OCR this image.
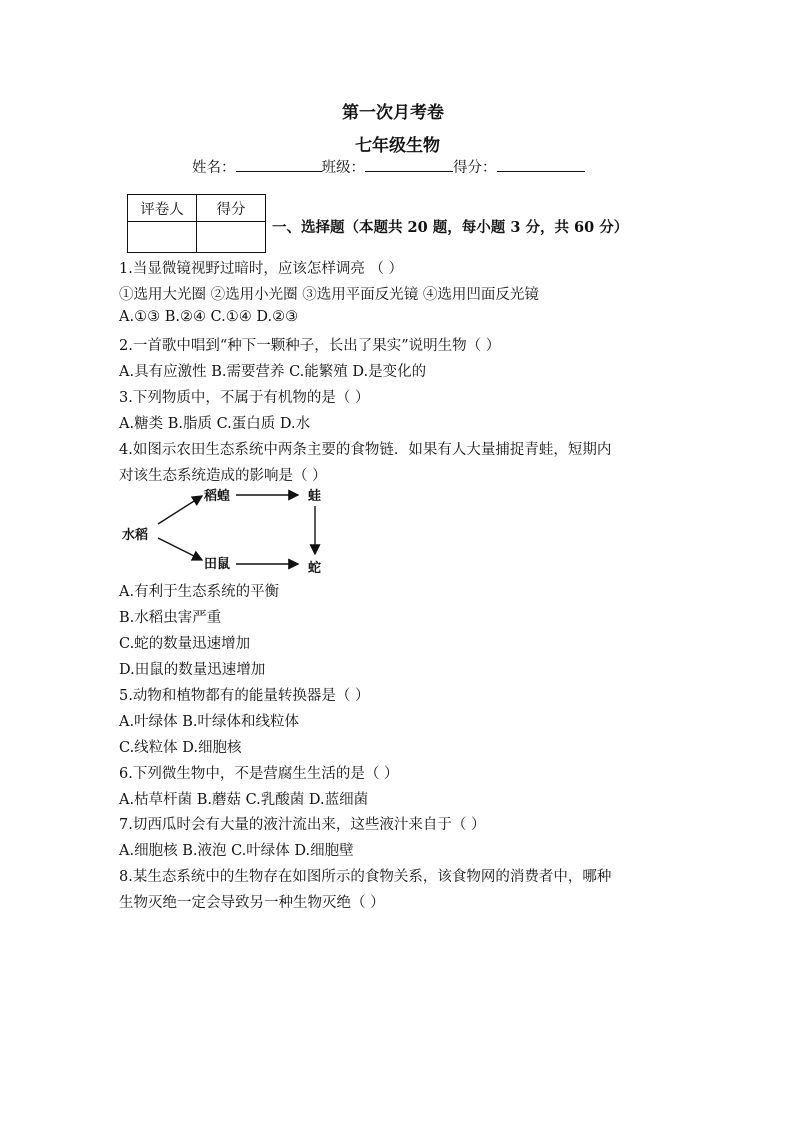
第一次月考卷
七年级生物
姓名：	班级：	得分：
评卷人	得分

一、选择题（本题共 20 题，每小题 3 分，共 60 分）
1.当显微镜视野过暗时，应该怎样调亮 （ ）
①选用大光圈 ②选用小光圈 ③选用平面反光镜 ④选用凹面反光镜
A.①③ B.②④ C.①④ D.②③
2.一首歌中唱到“种下一颗种子，长出了果实”说明生物（ ）
A.具有应激性 B.需要营养 C.能繁殖 D.是变化的
3.下列物质中，不属于有机物的是（ ）
A.糖类 B.脂质 C.蛋白质 D.水
4.如图示农田生态系统中两条主要的食物链．如果有人大量捕捉青蛙，短期内
对该生态系统造成的影响是（ ）
水稻
稻蝗	蛙
田鼠	蛇
A.有利于生态系统的平衡
B.水稻虫害严重
C.蛇的数量迅速增加
D.田鼠的数量迅速增加
5.动物和植物都有的能量转换器是（ ）
A.叶绿体 B.叶绿体和线粒体
C.线粒体 D.细胞核
6.下列微生物中，不是营腐生生活的是（ ）
A.枯草杆菌 B.蘑菇 C.乳酸菌 D.蓝细菌
7.切西瓜时会有大量的液汁流出来，这些液汁来自于（ ）
A.细胞核 B.液泡 C.叶绿体 D.细胞壁
8.某生态系统中的生物存在如图所示的食物关系，该食物网的消费者中，哪种
生物灭绝一定会导致另一种生物灭绝（ ）
